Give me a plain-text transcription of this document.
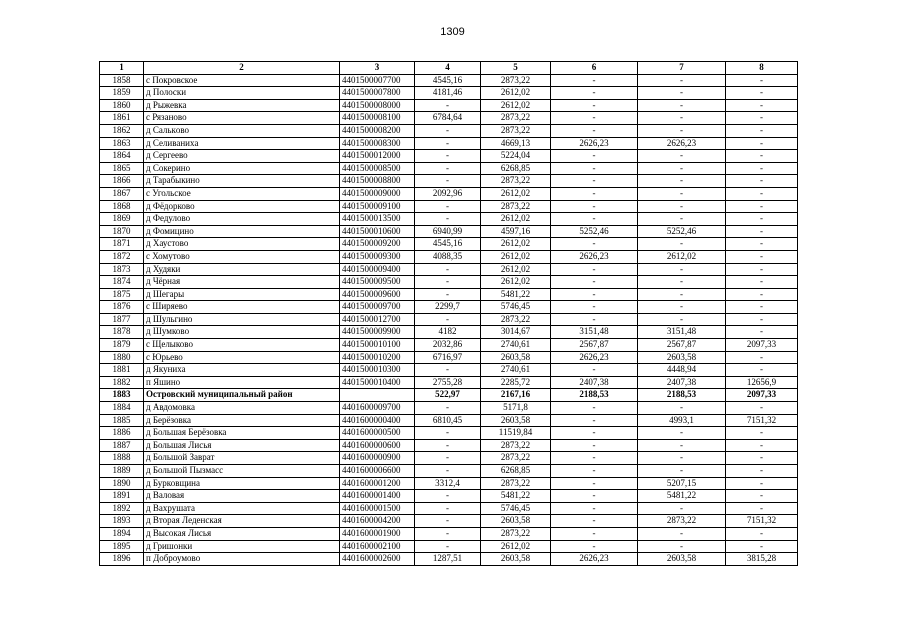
1309
1	2	3	4	5	6	7	8
1858	с Покровское	4401500007700	4545,16	2873,22	-	-	-
1859	д Полоски	4401500007800	4181,46	2612,02	-	-	-
1860	д Рыжевка	4401500008000	-	2612,02	-	-	-
1861	с Рязаново	4401500008100	6784,64	2873,22	-	-	-
1862	д Салькoво	4401500008200	-	2873,22	-	-	-
1863	д Селиванихa	4401500008300	-	4669,13	2626,23	2626,23	-
1864	д Сергеево	4401500012000	-	5224,04	-	-	-
1865	д Сокерино	4401500008500	-	6268,85	-	-	-
1866	д Тарабыкино	4401500008800	-	2873,22	-	-	-
1867	с Угольское	4401500009000	2092,96	2612,02	-	-	-
1868	д Фёдорково	4401500009100	-	2873,22	-	-	-
1869	д Федулово	4401500013500	-	2612,02	-	-	-
1870	д Фомицино	4401500010600	6940,99	4597,16	5252,46	5252,46	-
1871	д Хаустово	4401500009200	4545,16	2612,02	-	-	-
1872	с Хомутово	4401500009300	4088,35	2612,02	2626,23	2612,02	-
1873	д Худяки	4401500009400	-	2612,02	-	-	-
1874	д Чёрная	4401500009500	-	2612,02	-	-	-
1875	д Шегары	4401500009600	-	5481,22	-	-	-
1876	с Ширяево	4401500009700	2299,7	5746,45	-	-	-
1877	д Шульгино	4401500012700	-	2873,22	-	-	-
1878	д Шумково	4401500009900	4182	3014,67	3151,48	3151,48	-
1879	с Щелыково	4401500010100	2032,86	2740,61	2567,87	2567,87	2097,33
1880	с Юрьево	4401500010200	6716,97	2603,58	2626,23	2603,58	-
1881	д Якуниха	4401500010300	-	2740,61	-	4448,94	-
1882	п Яшино	4401500010400	2755,28	2285,72	2407,38	2407,38	12656,9
1883	Островский муниципальный район		522,97	2167,16	2188,53	2188,53	2097,33
1884	д Авдомовка	4401600009700	-	5171,8	-	-	-
1885	д Берёзовка	4401600000400	6810,45	2603,58	-	4993,1	7151,32
1886	д Большая Берёзовка	4401600000500	-	11519,84	-	-	-
1887	д Большая Лисья	4401600000600	-	2873,22	-	-	-
1888	д Большой Заврат	4401600000900	-	2873,22	-	-	-
1889	д Большой Пызмасс	4401600006600	-	6268,85	-	-	-
1890	д Бурковщина	4401600001200	3312,4	2873,22	-	5207,15	-
1891	д Валовая	4401600001400	-	5481,22	-	5481,22	-
1892	д Вахрушата	4401600001500	-	5746,45	-	-	-
1893	д Вторая Леденская	4401600004200	-	2603,58	-	2873,22	7151,32
1894	д Высокая Лисья	4401600001900	-	2873,22	-	-	-
1895	д Гришонки	4401600002100	-	2612,02	-	-	-
1896	п Доброумово	4401600002600	1287,51	2603,58	2626,23	2603,58	3815,28
